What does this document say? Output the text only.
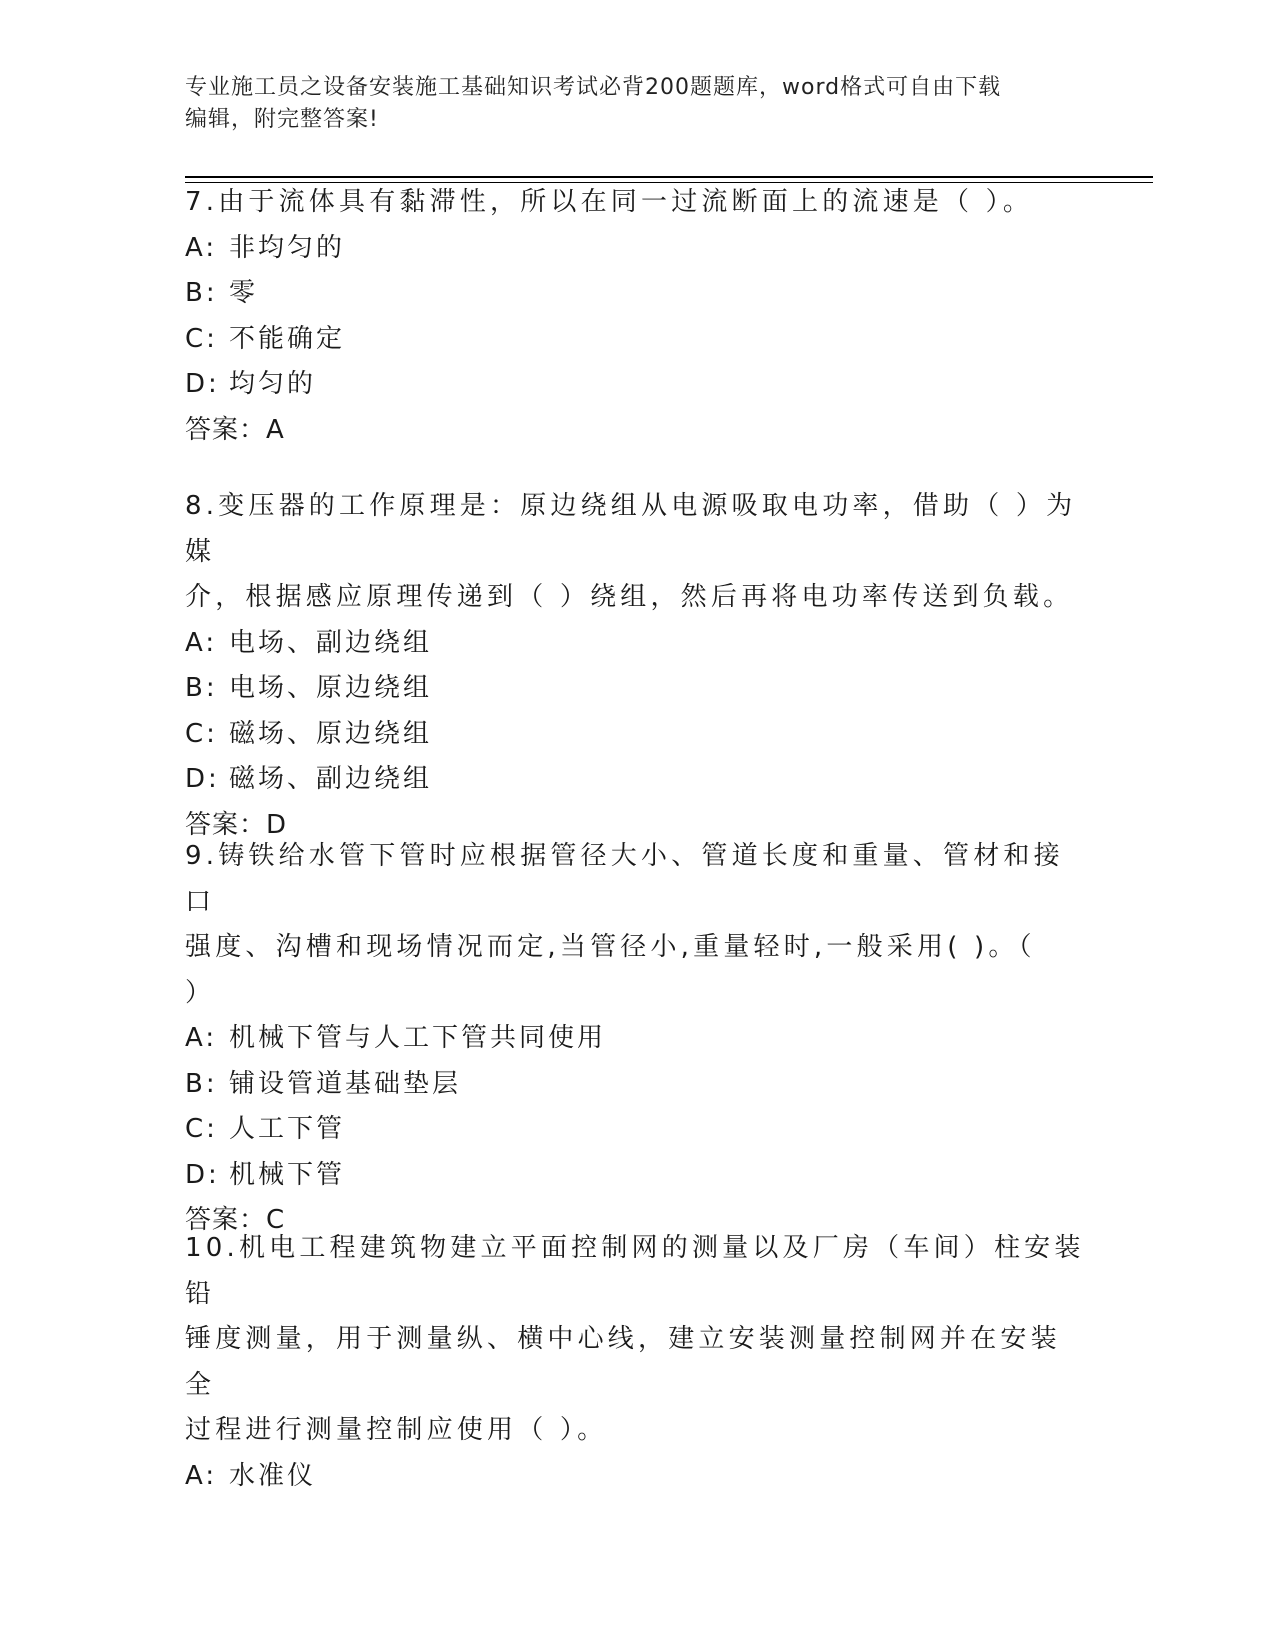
专业施工员之设备安装施工基础知识考试必背200题题库，word格式可自由下载
编辑，附完整答案!

7.由于流体具有黏滞性，所以在同一过流断面上的流速是（ ）。

A: 非均匀的

B: 零

C: 不能确定

D: 均匀的

答案：A

8.变压器的工作原理是：原边绕组从电源吸取电功率，借助（ ）为媒

介，根据感应原理传递到（ ）绕组，然后再将电功率传送到负载。

A: 电场、副边绕组

B: 电场、原边绕组

C: 磁场、原边绕组

D: 磁场、副边绕组

答案：D

9.铸铁给水管下管时应根据管径大小、管道长度和重量、管材和接口

强度、沟槽和现场情况而定,当管径小,重量轻时,一般采用( )。（

）

A: 机械下管与人工下管共同使用

B: 铺设管道基础垫层

C: 人工下管

D: 机械下管

答案：C

10.机电工程建筑物建立平面控制网的测量以及厂房（车间）柱安装铅

锤度测量，用于测量纵、横中心线，建立安装测量控制网并在安装全

过程进行测量控制应使用（ ）。

A: 水准仪
